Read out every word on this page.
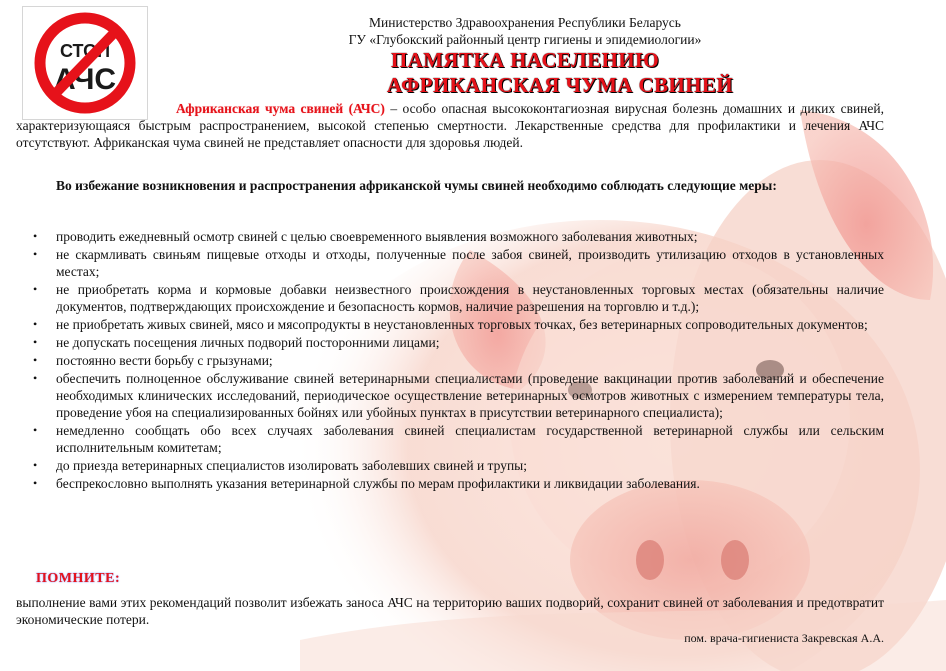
СТОП
АЧС
Министерство Здравоохранения Республики Беларусь
ГУ «Глубокский районный центр гигиены и эпидемиологии»
ПАМЯТКА НАСЕЛЕНИЮ
АФРИКАНСКАЯ ЧУМА СВИНЕЙ
Африканская чума свиней (АЧС) – особо опасная высококонтагиозная вирусная болезнь домашних и диких свиней, характеризующаяся быстрым распространением, высокой степенью смертности. Лекарственные средства для профилактики и лечения АЧС отсутствуют. Африканская чума свиней не представляет опасности для здоровья людей.
Во избежание возникновения и распространения африканской чумы свиней необходимо соблюдать следующие меры:
• проводить ежедневный осмотр свиней с целью своевременного выявления возможного заболевания животных;
• не скармливать свиньям пищевые отходы и отходы, полученные после забоя свиней, производить утилизацию отходов в установленных местах;
• не приобретать корма и кормовые добавки неизвестного происхождения в неустановленных торговых местах (обязательны наличие документов, подтверждающих происхождение и безопасность кормов, наличие разрешения на торговлю и т.д.);
• не приобретать живых свиней, мясо и мясопродукты в неустановленных торговых точках, без ветеринарных сопроводительных документов;
• не допускать посещения личных подворий посторонними лицами;
• постоянно вести борьбу с грызунами;
• обеспечить полноценное обслуживание свиней ветеринарными специалистами (проведение вакцинации против заболеваний и обеспечение необходимых клинических исследований, периодическое осуществление ветеринарных осмотров животных с измерением температуры тела, проведение убоя на специализированных бойнях или убойных пунктах в присутствии ветеринарного специалиста);
• немедленно сообщать обо всех случаях заболевания свиней специалистам государственной ветеринарной службы или сельским исполнительным комитетам;
• до приезда ветеринарных специалистов изолировать заболевших свиней и трупы;
• беспрекословно выполнять указания ветеринарной службы по мерам профилактики и ликвидации заболевания.
ПОМНИТЕ:
выполнение вами этих рекомендаций позволит избежать заноса АЧС на территорию ваших подворий, сохранит свиней от заболевания и предотвратит экономические потери.
пом. врача-гигиениста Закревская А.А.
